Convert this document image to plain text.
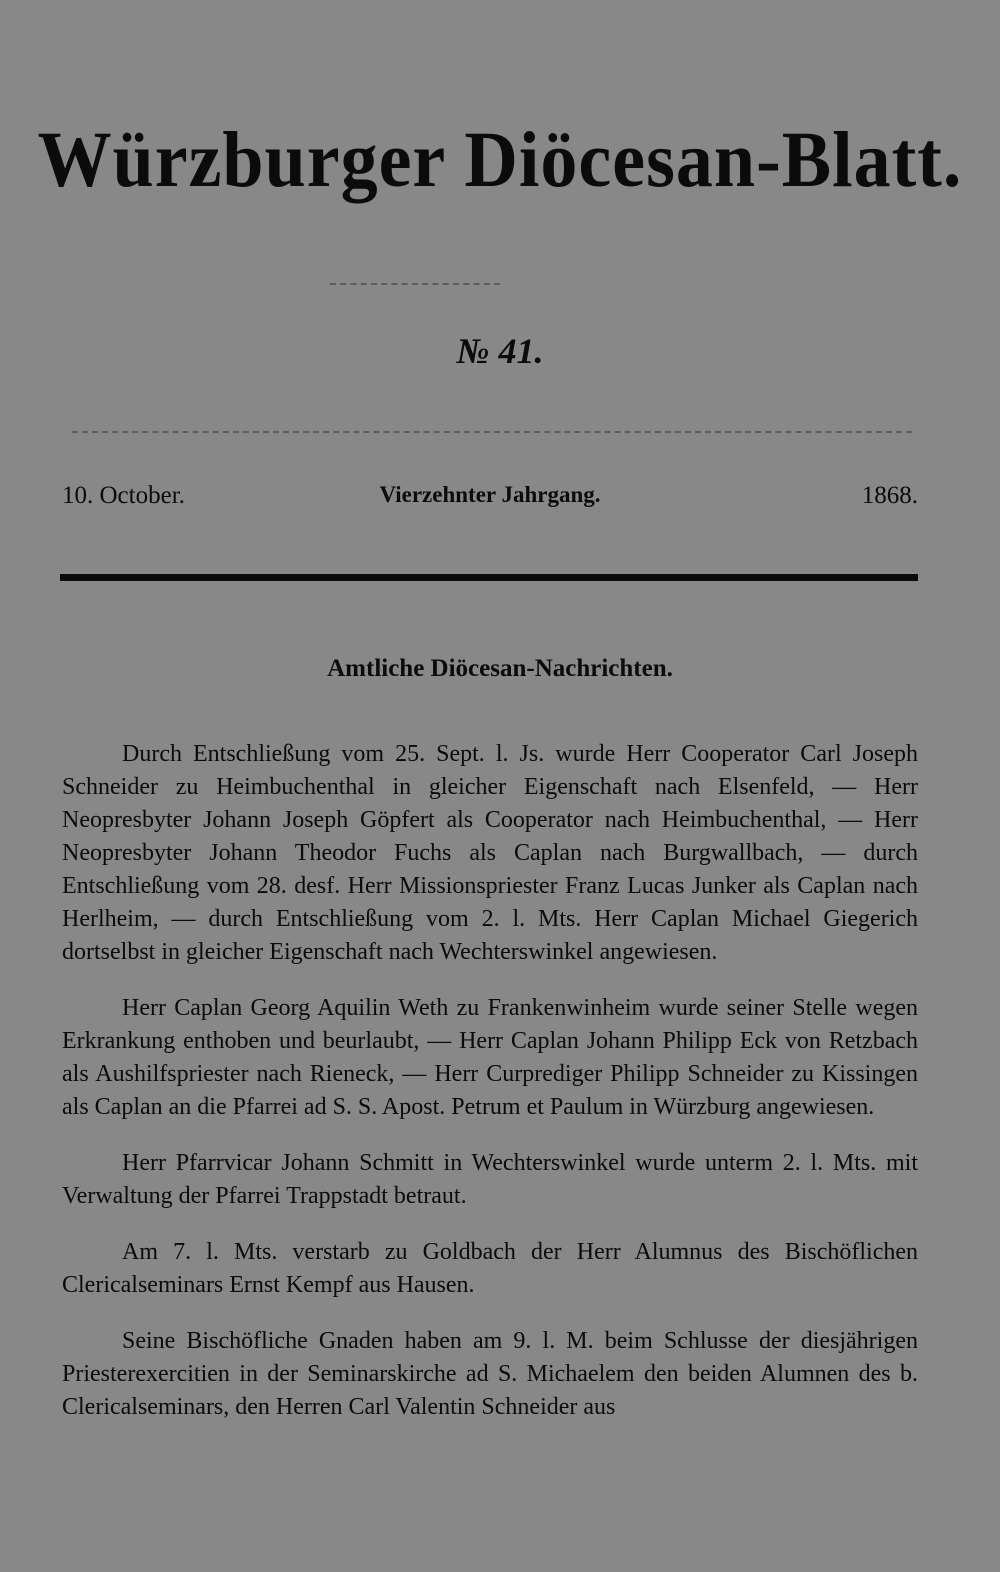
Würzburger Diöcesan-Blatt.
№ 41.
10. October.	Vierzehnter Jahrgang.	1868.
Amtliche Diöcesan-Nachrichten.

Durch Entschließung vom 25. Sept. l. Js. wurde Herr Cooperator Carl Joseph Schneider zu Heimbuchenthal in gleicher Eigenschaft nach Elsenfeld, — Herr Neopresbyter Johann Joseph Göpfert als Cooperator nach Heimbuchenthal, — Herr Neopresbyter Johann Theodor Fuchs als Caplan nach Burgwallbach, — durch Entschließung vom 28. desf. Herr Missionspriester Franz Lucas Junker als Caplan nach Herlheim, — durch Entschließung vom 2. l. Mts. Herr Caplan Michael Giegerich dortselbst in gleicher Eigenschaft nach Wechterswinkel angewiesen.

Herr Caplan Georg Aquilin Weth zu Frankenwinheim wurde seiner Stelle wegen Erkrankung enthoben und beurlaubt, — Herr Caplan Johann Philipp Eck von Retzbach als Aushilfspriester nach Rieneck, — Herr Curprediger Philipp Schneider zu Kissingen als Caplan an die Pfarrei ad S. S. Apost. Petrum et Paulum in Würzburg angewiesen.

Herr Pfarrvicar Johann Schmitt in Wechterswinkel wurde unterm 2. l. Mts. mit Verwaltung der Pfarrei Trappstadt betraut.

Am 7. l. Mts. verstarb zu Goldbach der Herr Alumnus des Bischöflichen Clericalseminars Ernst Kempf aus Hausen.

Seine Bischöfliche Gnaden haben am 9. l. M. beim Schlusse der diesjährigen Priesterexercitien in der Seminarskirche ad S. Michaelem den beiden Alumnen des b. Clericalseminars, den Herren Carl Valentin Schneider aus
